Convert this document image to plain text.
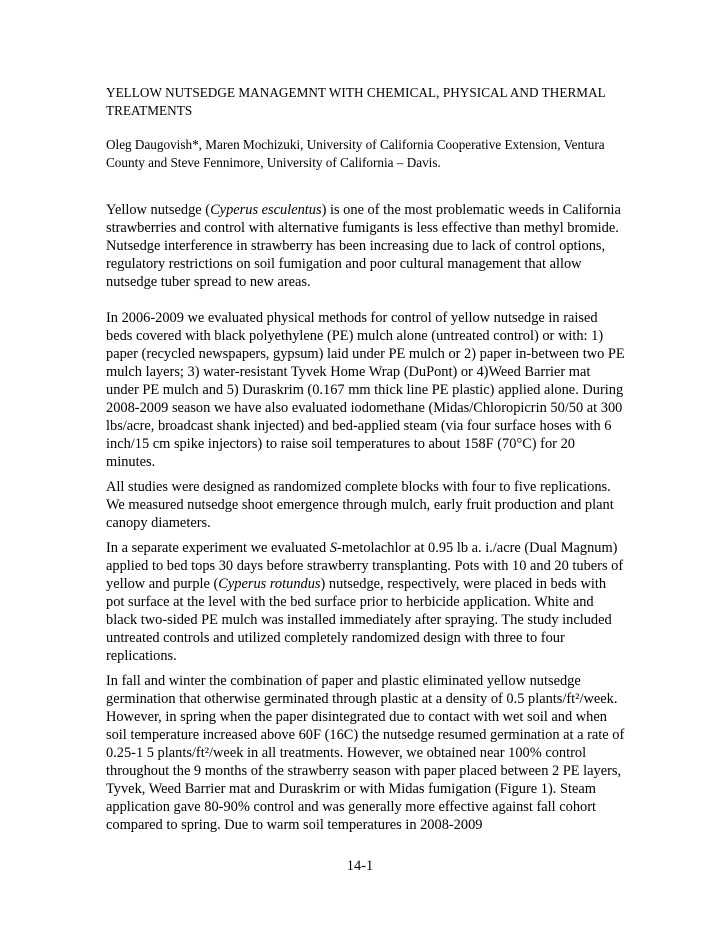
YELLOW NUTSEDGE MANAGEMNT WITH CHEMICAL, PHYSICAL AND THERMAL TREATMENTS

Oleg Daugovish*, Maren Mochizuki, University of California Cooperative Extension, Ventura County and Steve Fennimore, University of California – Davis.

Yellow nutsedge (Cyperus esculentus) is one of the most problematic weeds in California strawberries and control with alternative fumigants is less effective than methyl bromide. Nutsedge interference in strawberry has been increasing due to lack of control options, regulatory restrictions on soil fumigation and poor cultural management that allow nutsedge tuber spread to new areas.

In 2006-2009 we evaluated physical methods for control of yellow nutsedge in raised beds covered with black polyethylene (PE) mulch alone (untreated control) or with: 1) paper (recycled newspapers, gypsum) laid under PE mulch or 2) paper in-between two PE mulch layers; 3) water-resistant Tyvek Home Wrap (DuPont) or 4)Weed Barrier mat under PE mulch and 5) Duraskrim (0.167 mm thick line PE plastic) applied alone. During 2008-2009 season we have also evaluated iodomethane (Midas/Chloropicrin 50/50 at 300 lbs/acre, broadcast shank injected) and bed-applied steam (via four surface hoses with 6 inch/15 cm spike injectors) to raise soil temperatures to about 158F (70°C) for 20 minutes.

All studies were designed as randomized complete blocks with four to five replications. We measured nutsedge shoot emergence through mulch, early fruit production and plant canopy diameters.

In a separate experiment we evaluated S-metolachlor at 0.95 lb a. i./acre (Dual Magnum) applied to bed tops 30 days before strawberry transplanting. Pots with 10 and 20 tubers of yellow and purple (Cyperus rotundus) nutsedge, respectively, were placed in beds with pot surface at the level with the bed surface prior to herbicide application. White and black two-sided PE mulch was installed immediately after spraying. The study included untreated controls and utilized completely randomized design with three to four replications.

In fall and winter the combination of paper and plastic eliminated yellow nutsedge germination that otherwise germinated through plastic at a density of 0.5 plants/ft²/week. However, in spring when the paper disintegrated due to contact with wet soil and when soil temperature increased above 60F (16C) the nutsedge resumed germination at a rate of 0.25-1 5 plants/ft²/week in all treatments. However, we obtained near 100% control throughout the 9 months of the strawberry season with paper placed between 2 PE layers, Tyvek, Weed Barrier mat and Duraskrim or with Midas fumigation (Figure 1). Steam application gave 80-90% control and was generally more effective against fall cohort compared to spring. Due to warm soil temperatures in 2008-2009

14-1
